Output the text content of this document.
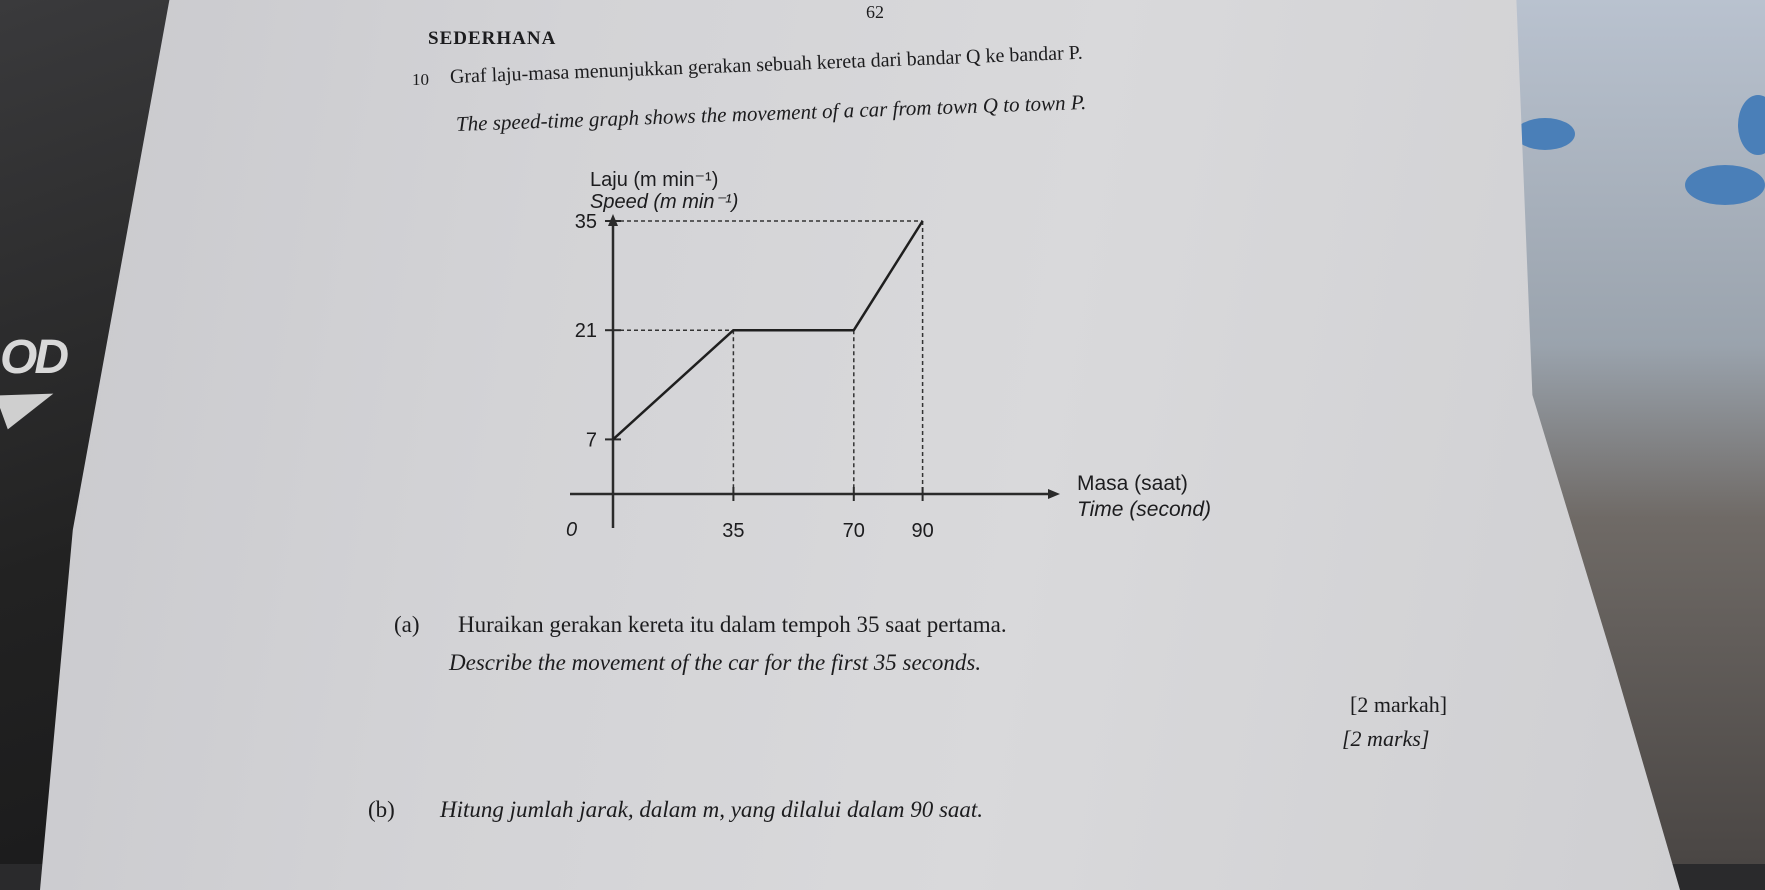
OD
62
SEDERHANA
10 Graf laju-masa menunjukkan gerakan sebuah kereta dari bandar Q ke bandar P.
The speed-time graph shows the movement of a car from town Q to town P.
Laju (m min⁻¹)
Speed (m min⁻¹)
Masa (saat)
Time (second)
0
35
21
7
35	70 90
(a) Huraikan gerakan kereta itu dalam tempoh 35 saat pertama.
Describe the movement of the car for the first 35 seconds.
[2 markah]
[2 marks]
(b) Hitung jumlah jarak, dalam m, yang dilalui dalam 90 saat.
